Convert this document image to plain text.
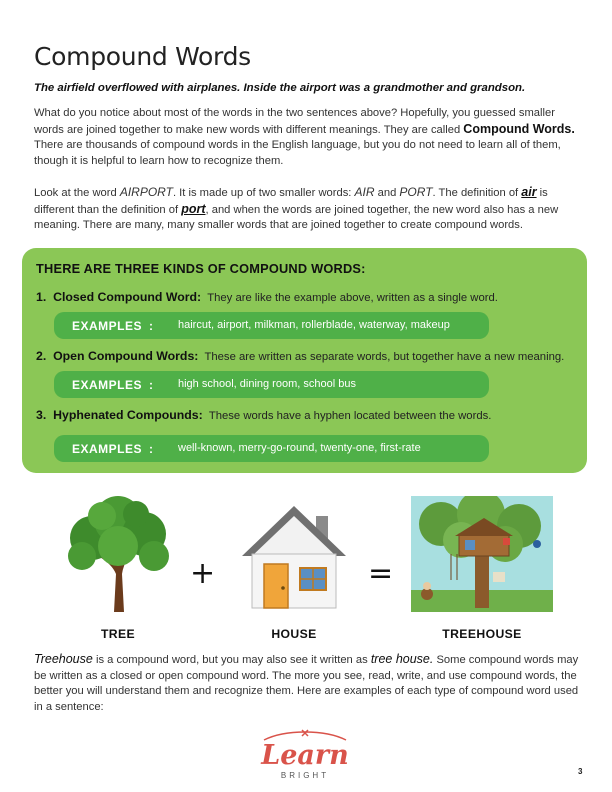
Compound Words

The airfield overflowed with airplanes. Inside the airport was a grandmother and grandson.

What do you notice about most of the words in the two sentences above? Hopefully, you guessed smaller words are joined together to make new words with different meanings. They are called Compound Words. There are thousands of compound words in the English language, but you do not need to learn all of them, though it is helpful to learn how to recognize them.

Look at the word AIRPORT. It is made up of two smaller words: AIR and PORT. The definition of air is different than the definition of port, and when the words are joined together, the new word also has a new meaning. There are many, many smaller words that are joined together to create compound words.

THERE ARE THREE KINDS OF COMPOUND WORDS:
1. Closed Compound Word: They are like the example above, written as a single word.
EXAMPLES : haircut, airport, milkman, rollerblade, waterway, makeup
2. Open Compound Words: These are written as separate words, but together have a new meaning.
EXAMPLES : high school, dining room, school bus
3. Hyphenated Compounds: These words have a hyphen located between the words.
EXAMPLES : well-known, merry-go-round, twenty-one, first-rate
+	=
TREE	HOUSE	TREEHOUSE

Treehouse is a compound word, but you may also see it written as tree house. Some compound words may be written as a closed or open compound word. The more you see, read, write, and use compound words, the better you will understand them and recognize them. Here are examples of each type of compound word used in a sentence:

Learn
BRIGHT	3
